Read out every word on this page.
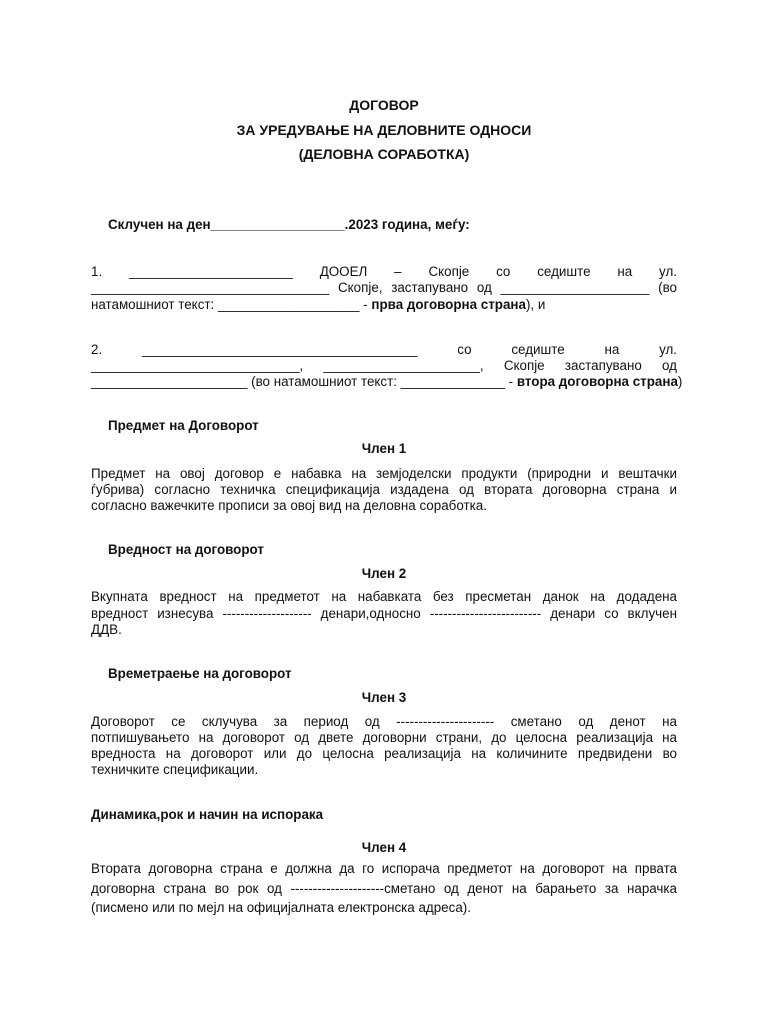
ДОГОВОР
ЗА УРЕДУВАЊЕ НА ДЕЛОВНИТЕ ОДНОСИ
(ДЕЛОВНА СОРАБОТКА)
Склучен на ден__________________.2023 година, меѓу:
1. ______________________ ДООЕЛ – Скопје со седиште на ул.
________________________________ Скопје, застапувано од ____________________ (во
натамошниот текст: ___________________ - прва договорна страна), и
2. _____________________________________ со седиште на ул.
____________________________, _____________________, Скопје застапувано од
_____________________ (во натамошниот текст: ______________ - втора договорна страна)
Предмет на Договорот
Член 1
Предмет на овој договор е набавка на земјоделски продукти (природни и вештачки
ѓубрива) согласно техничка спецификација издадена од втората договорна страна и
согласно важечките прописи за овој вид на деловна соработка.
Вредност на договорот
Член 2
Вкупната вредност на предметот на набавката без пресметан данок на додадена
вредност изнесува -------------------- денари,односно ------------------------- денари со вклучен
ДДВ.
Времетраење на договорот
Член 3
Договорот се склучува за период од ---------------------- сметано од денот на
потпишувањето на договорот од двете договорни страни, до целосна реализација на
вредноста на договорот или до целосна реализација на количините предвидени во
техничките спецификации.
Динамика,рок и начин на испорака
Член 4
Втората договорна страна е должна да го испорача предметот на договорот на првата
договорна страна во рок од ---------------------сметано од денот на барањето за нарачка
(писмено или по мејл на официјалната електронска адреса).
